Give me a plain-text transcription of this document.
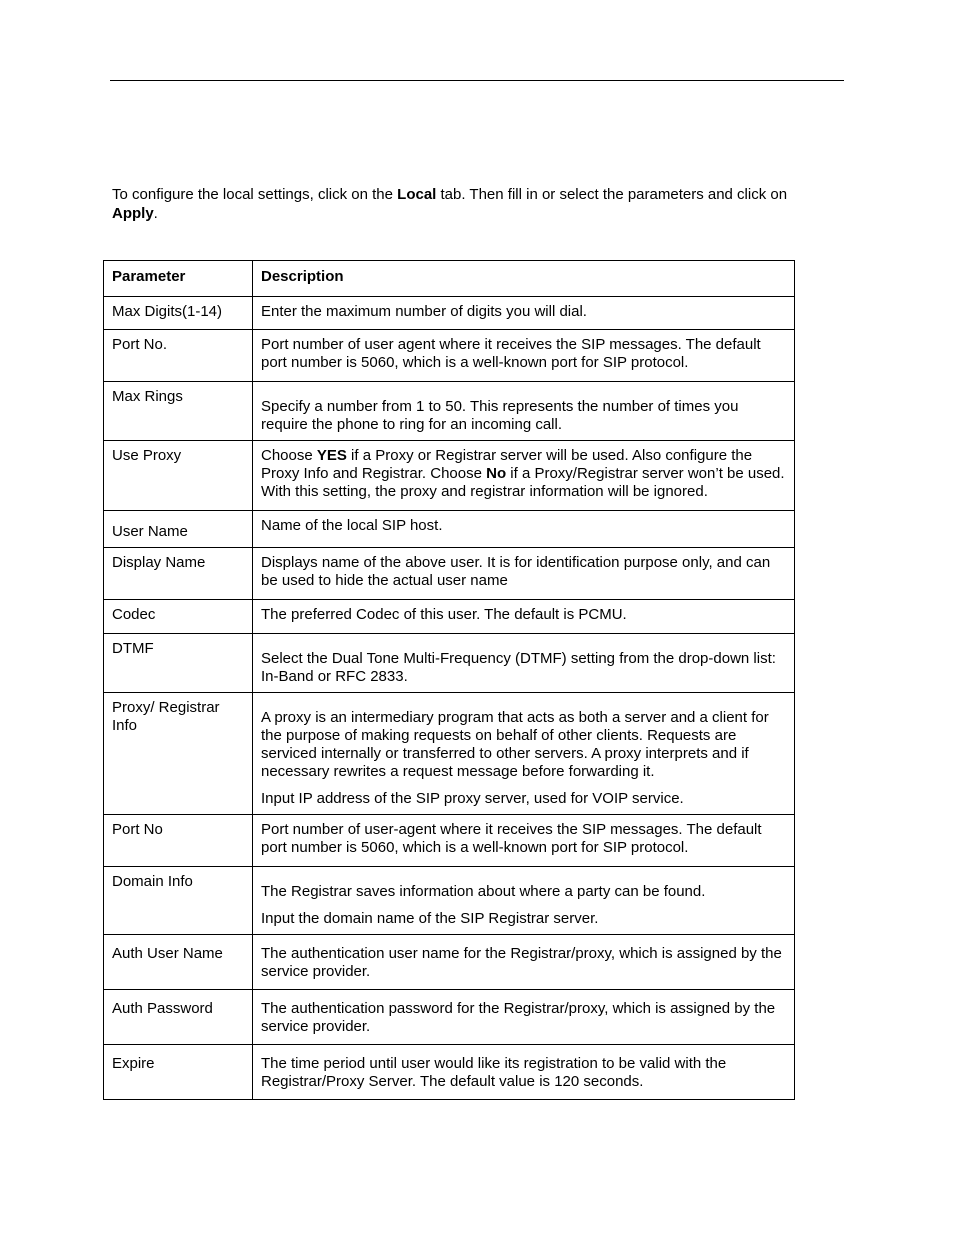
To configure the local settings, click on the Local tab. Then fill in or select the parameters and click on Apply.

Parameter	Description
Max Digits(1-14)	Enter the maximum number of digits you will dial.

Port No.	Port number of user agent where it receives the SIP messages. The default port number is 5060, which is a well-known port for SIP protocol.

Max Rings	Specify a number from 1 to 50. This represents the number of times you require the phone to ring for an incoming call.

Use Proxy	Choose YES if a Proxy or Registrar server will be used. Also configure the Proxy Info and Registrar. Choose No if a Proxy/Registrar server won’t be used. With this setting, the proxy and registrar information will be ignored.

User Name	Name of the local SIP host.

Display Name	Displays name of the above user. It is for identification purpose only, and can be used to hide the actual user name

Codec	The preferred Codec of this user. The default is PCMU.

DTMF	Select the Dual Tone Multi-Frequency (DTMF) setting from the drop-down list: In-Band or RFC 2833.

Proxy/ Registrar Info	A proxy is an intermediary program that acts as both a server and a client for the purpose of making requests on behalf of other clients. Requests are serviced internally or transferred to other servers. A proxy interprets and if necessary rewrites a request message before forwarding it.

Input IP address of the SIP proxy server, used for VOIP service.

Port No	Port number of user-agent where it receives the SIP messages. The default port number is 5060, which is a well-known port for SIP protocol.

Domain Info	The Registrar saves information about where a party can be found.

Input the domain name of the SIP Registrar server.

Auth User Name	The authentication user name for the Registrar/proxy, which is assigned by the service provider.

Auth Password	The authentication password for the Registrar/proxy, which is assigned by the service provider.

Expire	The time period until user would like its registration to be valid with the Registrar/Proxy Server. The default value is 120 seconds.
